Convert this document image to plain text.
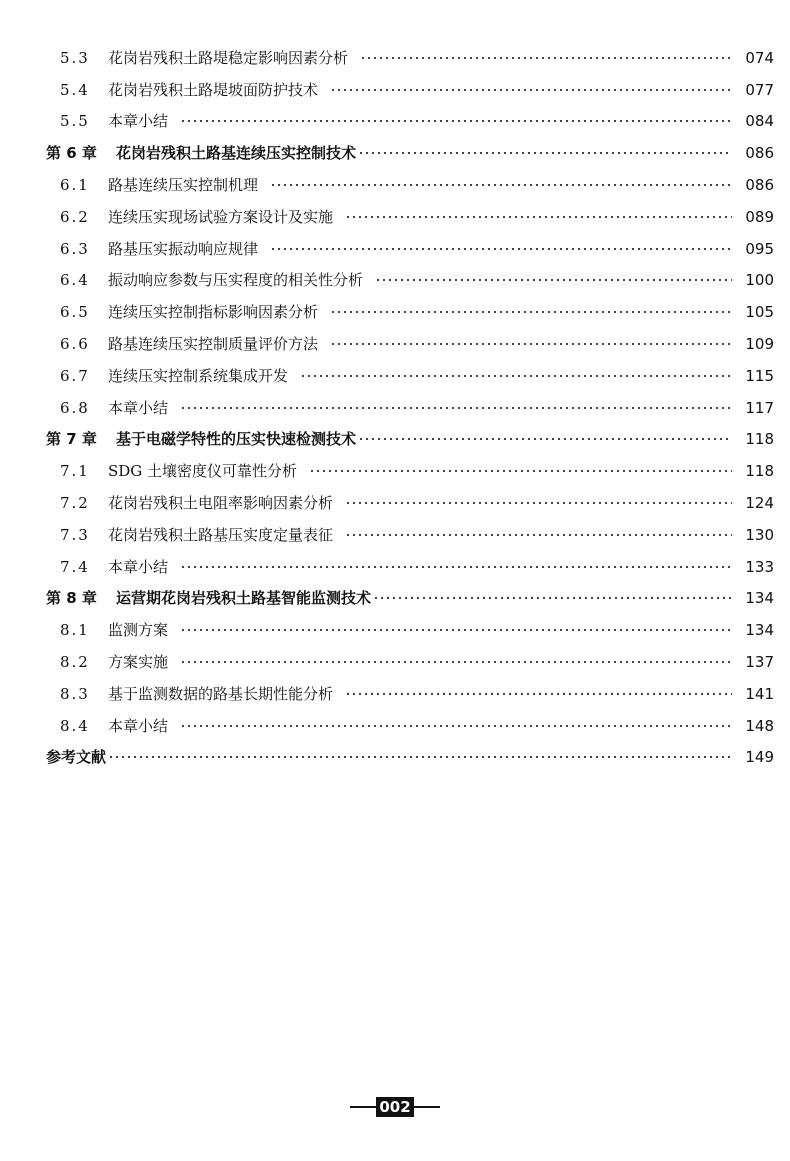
5.3	花岗岩残积土路堤稳定影响因素分析	074
5.4	花岗岩残积土路堤坡面防护技术	077
5.5	本章小结	084
第 6 章	花岗岩残积土路基连续压实控制技术	086
6.1	路基连续压实控制机理	086
6.2	连续压实现场试验方案设计及实施	089
6.3	路基压实振动响应规律	095
6.4	振动响应参数与压实程度的相关性分析	100
6.5	连续压实控制指标影响因素分析	105
6.6	路基连续压实控制质量评价方法	109
6.7	连续压实控制系统集成开发	115
6.8	本章小结	117
第 7 章	基于电磁学特性的压实快速检测技术	118
7.1	SDG 土壤密度仪可靠性分析	118
7.2	花岗岩残积土电阻率影响因素分析	124
7.3	花岗岩残积土路基压实度定量表征	130
7.4	本章小结	133
第 8 章	运营期花岗岩残积土路基智能监测技术	134
8.1	监测方案	134
8.2	方案实施	137
8.3	基于监测数据的路基长期性能分析	141
8.4	本章小结	148
参考文献	149
002
